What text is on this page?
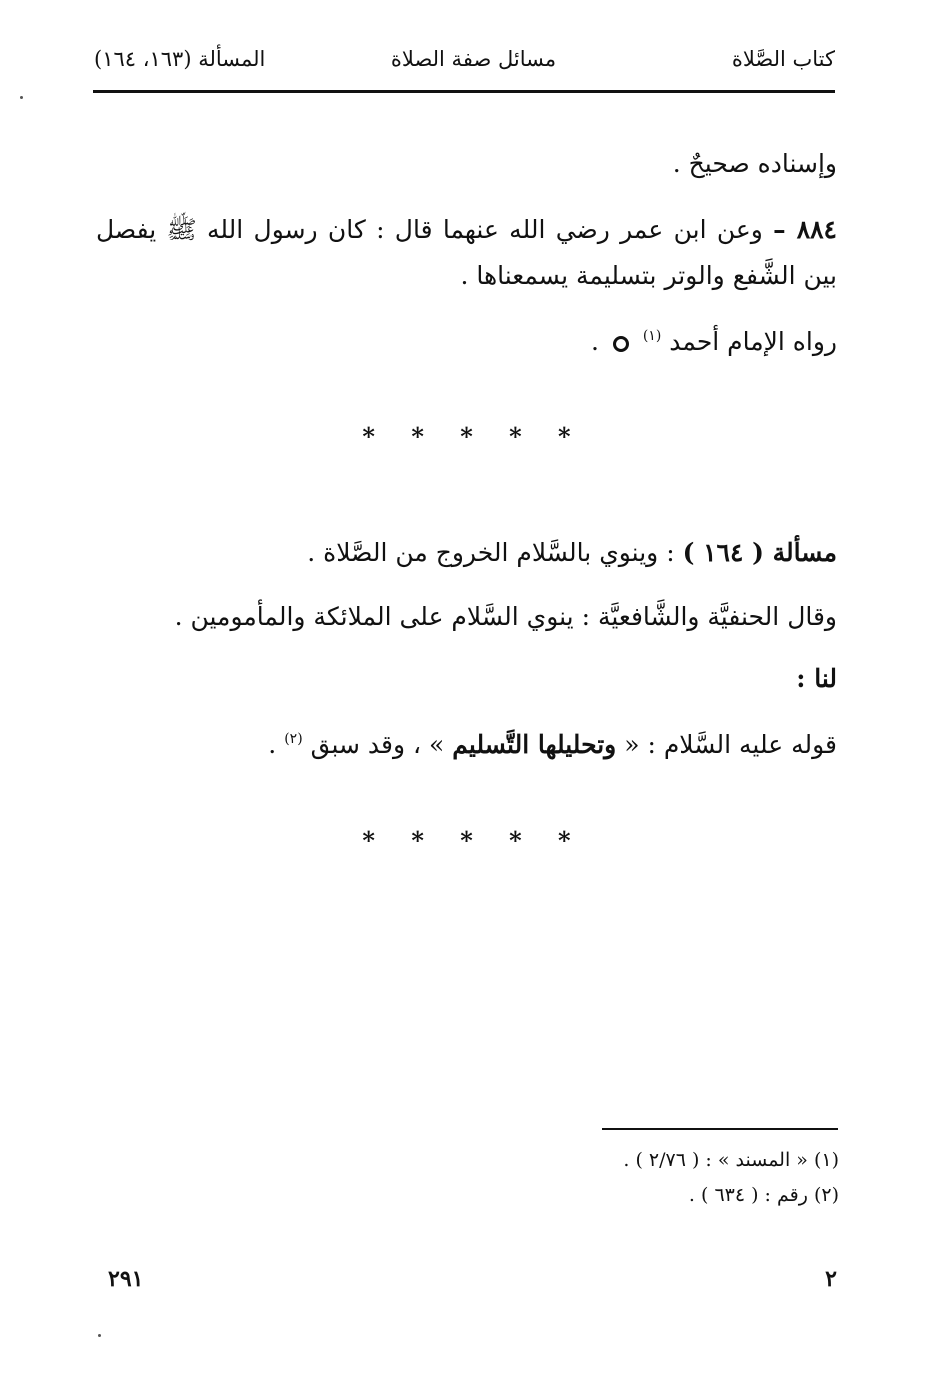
كتاب الصَّلاة
مسائل صفة الصلاة
المسألة (١٦٣، ١٦٤)
وإسناده صحيحٌ .
٨٨٤ – وعن ابن عمر رضي الله عنهما قال : كان رسول الله ﷺ يفصل
بين الشَّفع والوتر بتسليمة يسمعناها .
رواه الإمام أحمد $^{(١)}$  .
* * * * *
مسألة ( ١٦٤ ) : وينوي بالسَّلام الخروج من الصَّلاة .
وقال الحنفيَّة والشَّافعيَّة : ينوي السَّلام على الملائكة والمأمومين .
لنا :
قوله عليه السَّلام : « وتحليلها التَّسليم » ، وقد سبق $^{(٢)}$ .
* * * * *
(١) « المسند » : ( ٢/٧٦ ) .
(٢) رقم : ( ٦٣٤ ) .
٢٩١	٢
